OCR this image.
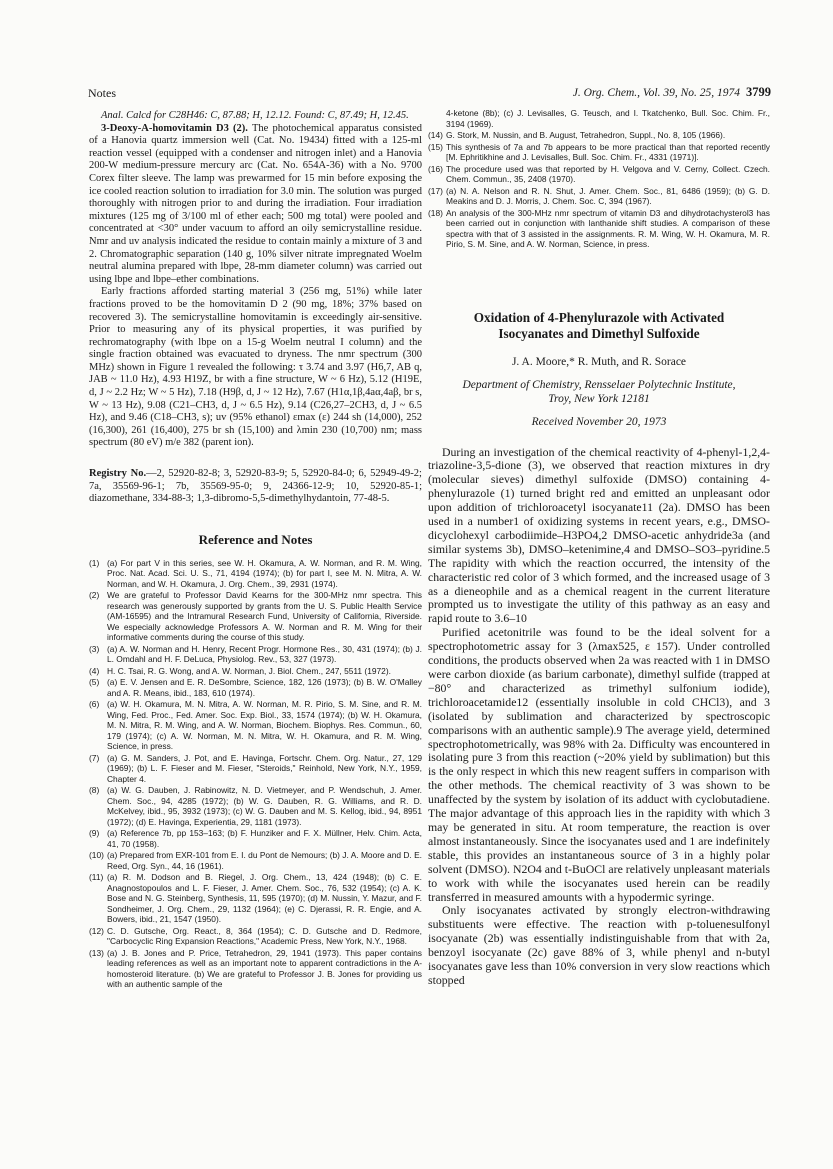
Notes	J. Org. Chem., Vol. 39, No. 25, 1974 3799

Anal. Calcd for C28H46: C, 87.88; H, 12.12. Found: C, 87.49; H, 12.45.

3-Deoxy-A-homovitamin D3 (2). The photochemical apparatus consisted of a Hanovia quartz immersion well (Cat. No. 19434) fitted with a 125-ml reaction vessel (equipped with a condenser and nitrogen inlet) and a Hanovia 200-W medium-pressure mercury arc (Cat. No. 654A-36) with a No. 9700 Corex filter sleeve. The lamp was prewarmed for 15 min before exposing the ice cooled reaction solution to irradiation for 3.0 min. The solution was purged thoroughly with nitrogen prior to and during the irradiation. Four irradiation mixtures (125 mg of 3/100 ml of ether each; 500 mg total) were pooled and concentrated at <30° under vacuum to afford an oily semicrystalline residue. Nmr and uv analysis indicated the residue to contain mainly a mixture of 3 and 2. Chromatographic separation (140 g, 10% silver nitrate impregnated Woelm neutral alumina prepared with lbpe, 28-mm diameter column) was carried out using lbpe and lbpe–ether combinations.

Early fractions afforded starting material 3 (256 mg, 51%) while later fractions proved to be the homovitamin D 2 (90 mg, 18%; 37% based on recovered 3). The semicrystalline homovitamin is exceedingly air-sensitive. Prior to measuring any of its physical properties, it was purified by rechromatography (with lbpe on a 15-g Woelm neutral I column) and the single fraction obtained was evacuated to dryness. The nmr spectrum (300 MHz) shown in Figure 1 revealed the following: τ 3.74 and 3.97 (H6,7, AB q, JAB ~ 11.0 Hz), 4.93 H19Z, br with a fine structure, W ~ 6 Hz), 5.12 (H19E, d, J ~ 2.2 Hz; W ~ 5 Hz), 7.18 (H9β, d, J ~ 12 Hz), 7.67 (H1α,1β,4aα,4aβ, br s, W ~ 13 Hz), 9.08 (C21–CH3, d, J ~ 6.5 Hz), 9.14 (C26,27–2CH3, d, J ~ 6.5 Hz), and 9.46 (C18–CH3, s); uv (95% ethanol) εmax (ε) 244 sh (14,000), 252 (16,300), 261 (16,400), 275 br sh (15,100) and λmin 230 (10,700) nm; mass spectrum (80 eV) m/e 382 (parent ion).

Registry No.—2, 52920-82-8; 3, 52920-83-9; 5, 52920-84-0; 6, 52949-49-2; 7a, 35569-96-1; 7b, 35569-95-0; 9, 24366-12-9; 10, 52920-85-1; diazomethane, 334-88-3; 1,3-dibromo-5,5-dimethylhydantoin, 77-48-5.
Reference and Notes
(1) (a) For part V in this series, see W. H. Okamura, A. W. Norman, and R. M. Wing, Proc. Nat. Acad. Sci. U. S., 71, 4194 (1974); (b) for part I, see M. N. Mitra, A. W. Norman, and W. H. Okamura, J. Org. Chem., 39, 2931 (1974).
(2) We are grateful to Professor David Kearns for the 300-MHz nmr spectra. This research was generously supported by grants from the U. S. Public Health Service (AM-16595) and the Intramural Research Fund, University of California, Riverside. We especially acknowledge Professors A. W. Norman and R. M. Wing for their informative comments during the course of this study.
(3) (a) A. W. Norman and H. Henry, Recent Progr. Hormone Res., 30, 431 (1974); (b) J. L. Omdahl and H. F. DeLuca, Physiolog. Rev., 53, 327 (1973).
(4) H. C. Tsai, R. G. Wong, and A. W. Norman, J. Biol. Chem., 247, 5511 (1972).
(5) (a) E. V. Jensen and E. R. DeSombre, Science, 182, 126 (1973); (b) B. W. O'Malley and A. R. Means, ibid., 183, 610 (1974).
(6) (a) W. H. Okamura, M. N. Mitra, A. W. Norman, M. R. Pirio, S. M. Sine, and R. M. Wing, Fed. Proc., Fed. Amer. Soc. Exp. Biol., 33, 1574 (1974); (b) W. H. Okamura, M. N. Mitra, R. M. Wing, and A. W. Norman, Biochem. Biophys. Res. Commun., 60, 179 (1974); (c) A. W. Norman, M. N. Mitra, W. H. Okamura, and R. M. Wing, Science, in press.
(7) (a) G. M. Sanders, J. Pot, and E. Havinga, Fortschr. Chem. Org. Natur., 27, 129 (1969); (b) L. F. Fieser and M. Fieser, "Steroids," Reinhold, New York, N.Y., 1959, Chapter 4.
(8) (a) W. G. Dauben, J. Rabinowitz, N. D. Vietmeyer, and P. Wendschuh, J. Amer. Chem. Soc., 94, 4285 (1972); (b) W. G. Dauben, R. G. Williams, and R. D. McKelvey, ibid., 95, 3932 (1973); (c) W. G. Dauben and M. S. Kellog, ibid., 94, 8951 (1972); (d) E. Havinga, Experientia, 29, 1181 (1973).
(9) (a) Reference 7b, pp 153–163; (b) F. Hunziker and F. X. Müllner, Helv. Chim. Acta, 41, 70 (1958).
(10) (a) Prepared from EXR-101 from E. I. du Pont de Nemours; (b) J. A. Moore and D. E. Reed, Org. Syn., 44, 16 (1961).
(11) (a) R. M. Dodson and B. Riegel, J. Org. Chem., 13, 424 (1948); (b) C. E. Anagnostopoulos and L. F. Fieser, J. Amer. Chem. Soc., 76, 532 (1954); (c) A. K. Bose and N. G. Steinberg, Synthesis, 11, 595 (1970); (d) M. Nussin, Y. Mazur, and F. Sondheimer, J. Org. Chem., 29, 1132 (1964); (e) C. Djerassi, R. R. Engie, and A. Bowers, ibid., 21, 1547 (1950).
(12) C. D. Gutsche, Org. React., 8, 364 (1954); C. D. Gutsche and D. Redmore, "Carbocyclic Ring Expansion Reactions," Academic Press, New York, N.Y., 1968.
(13) (a) J. B. Jones and P. Price, Tetrahedron, 29, 1941 (1973). This paper contains leading references as well as an important note to apparent contradictions in the A-homosteroid literature. (b) We are grateful to Professor J. B. Jones for providing us with an authentic sample of the
4-ketone (8b); (c) J. Levisalles, G. Teusch, and I. Tkatchenko, Bull. Soc. Chim. Fr., 3194 (1969).
(14) G. Stork, M. Nussin, and B. August, Tetrahedron, Suppl., No. 8, 105 (1966).
(15) This synthesis of 7a and 7b appears to be more practical than that reported recently [M. Ephritikhine and J. Levisalles, Bull. Soc. Chim. Fr., 4331 (1971)].
(16) The procedure used was that reported by H. Velgova and V. Cerny, Collect. Czech. Chem. Commun., 35, 2408 (1970).
(17) (a) N. A. Nelson and R. N. Shut, J. Amer. Chem. Soc., 81, 6486 (1959); (b) G. D. Meakins and D. J. Morris, J. Chem. Soc. C, 394 (1967).
(18) An analysis of the 300-MHz nmr spectrum of vitamin D3 and dihydrotachysterol3 has been carried out in conjunction with lanthanide shift studies. A comparison of these spectra with that of 3 assisted in the assignments. R. M. Wing, W. H. Okamura, M. R. Pirio, S. M. Sine, and A. W. Norman, Science, in press.
Oxidation of 4-Phenylurazole with Activated
Isocyanates and Dimethyl Sulfoxide
J. A. Moore,* R. Muth, and R. Sorace
Department of Chemistry, Rensselaer Polytechnic Institute,
Troy, New York 12181
Received November 20, 1973

During an investigation of the chemical reactivity of 4-phenyl-1,2,4-triazoline-3,5-dione (3), we observed that reaction mixtures in dry (molecular sieves) dimethyl sulfoxide (DMSO) containing 4-phenylurazole (1) turned bright red and emitted an unpleasant odor upon addition of trichloroacetyl isocyanate11 (2a). DMSO has been used in a number1 of oxidizing systems in recent years, e.g., DMSO-dicyclohexyl carbodiimide–H3PO4,2 DMSO-acetic anhydride3a (and similar systems 3b), DMSO–ketenimine,4 and DMSO–SO3–pyridine.5 The rapidity with which the reaction occurred, the intensity of the characteristic red color of 3 which formed, and the increased usage of 3 as a dieneophile and as a chemical reagent in the current literature prompted us to investigate the utility of this pathway as an easy and rapid route to 3.6–10

Purified acetonitrile was found to be the ideal solvent for a spectrophotometric assay for 3 (λmax525, ε 157). Under controlled conditions, the products observed when 2a was reacted with 1 in DMSO were carbon dioxide (as barium carbonate), dimethyl sulfide (trapped at −80° and characterized as trimethyl sulfonium iodide), trichloroacetamide12 (essentially insoluble in cold CHCl3), and 3 (isolated by sublimation and characterized by spectroscopic comparisons with an authentic sample).9 The average yield, determined spectrophotometrically, was 98% with 2a. Difficulty was encountered in isolating pure 3 from this reaction (~20% yield by sublimation) but this is the only respect in which this new reagent suffers in comparison with the other methods. The chemical reactivity of 3 was shown to be unaffected by the system by isolation of its adduct with cyclobutadiene. The major advantage of this approach lies in the rapidity with which 3 may be generated in situ. At room temperature, the reaction is over almost instantaneously. Since the isocyanates used and 1 are indefinitely stable, this provides an instantaneous source of 3 in a highly polar solvent (DMSO). N2O4 and t-BuOCl are relatively unpleasant materials to work with while the isocyanates used herein can be readily transferred in measured amounts with a hypodermic syringe.

Only isocyanates activated by strongly electron-withdrawing substituents were effective. The reaction with p-toluenesulfonyl isocyanate (2b) was essentially indistinguishable from that with 2a, benzoyl isocyanate (2c) gave 88% of 3, while phenyl and n-butyl isocyanates gave less than 10% conversion in very slow reactions which stopped
